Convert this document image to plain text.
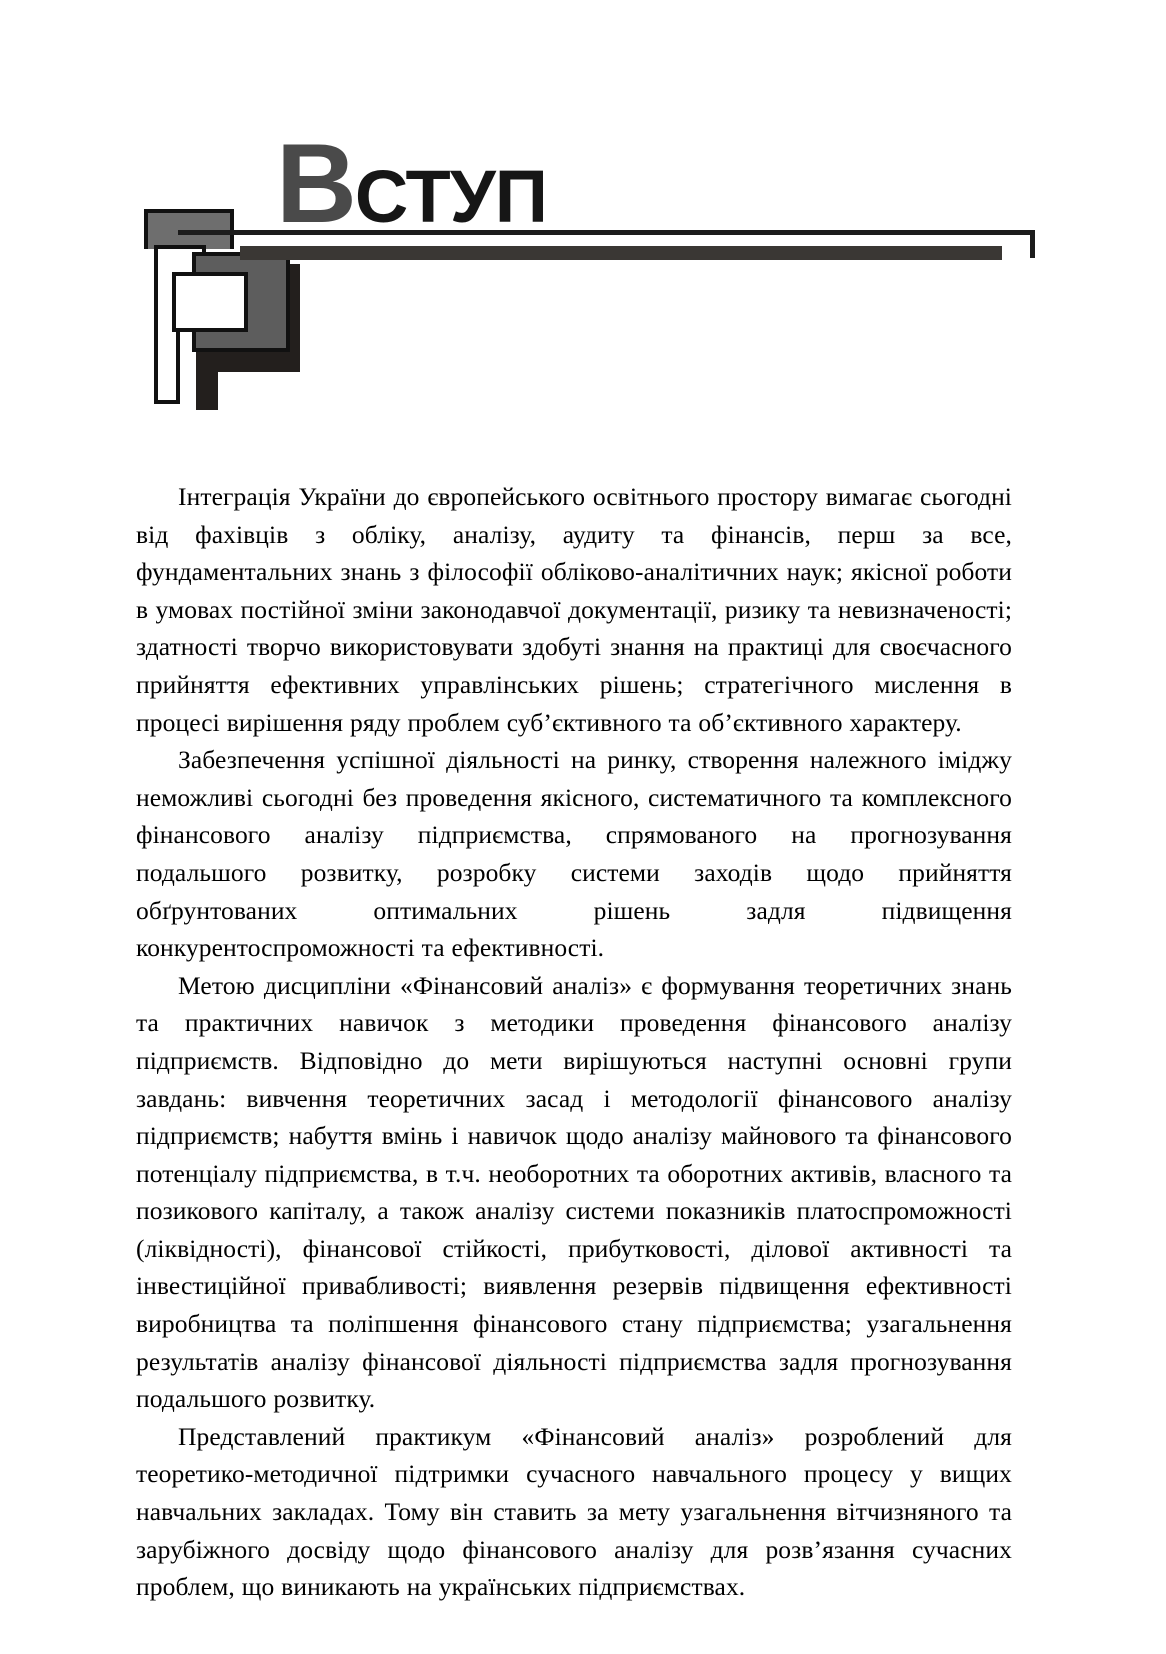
ВСТУП

Інтеграція України до європейського освітнього простору вимагає сьогодні від фахівців з обліку, аналізу, аудиту та фінансів, перш за все, фундаментальних знань з філософії обліково-аналітичних наук; якісної роботи в умовах постійної зміни законодавчої документації, ризику та невизначеності; здатності творчо використовувати здобуті знання на практиці для своєчасного прийняття ефективних управлінських рішень; стратегічного мислення в процесі вирішення ряду проблем суб’єктивного та об’єктивного характеру.

Забезпечення успішної діяльності на ринку, створення належного іміджу неможливі сьогодні без проведення якісного, систематичного та комплексного фінансового аналізу підприємства, спрямованого на прогнозування подальшого розвитку, розробку системи заходів щодо прийняття обґрунтованих оптимальних рішень задля підвищення конкурентоспроможності та ефективності.

Метою дисципліни «Фінансовий аналіз» є формування теоретичних знань та практичних навичок з методики проведення фінансового аналізу підприємств. Відповідно до мети вирішуються наступні основні групи завдань: вивчення теоретичних засад і методології фінансового аналізу підприємств; набуття вмінь і навичок щодо аналізу майнового та фінансового потенціалу підприємства, в т.ч. необоротних та оборотних активів, власного та позикового капіталу, а також аналізу системи показників платоспроможності (ліквідності), фінансової стійкості, прибутковості, ділової активності та інвестиційної привабливості; виявлення резервів підвищення ефективності виробництва та поліпшення фінансового стану підприємства; узагальнення результатів аналізу фінансової діяльності підприємства задля прогнозування подальшого розвитку.

Представлений практикум «Фінансовий аналіз» розроблений для теоретико-методичної підтримки сучасного навчального процесу у вищих навчальних закладах. Тому він ставить за мету узагальнення вітчизняного та зарубіжного досвіду щодо фінансового аналізу для розв’язання сучасних проблем, що виникають на українських підприємствах.
